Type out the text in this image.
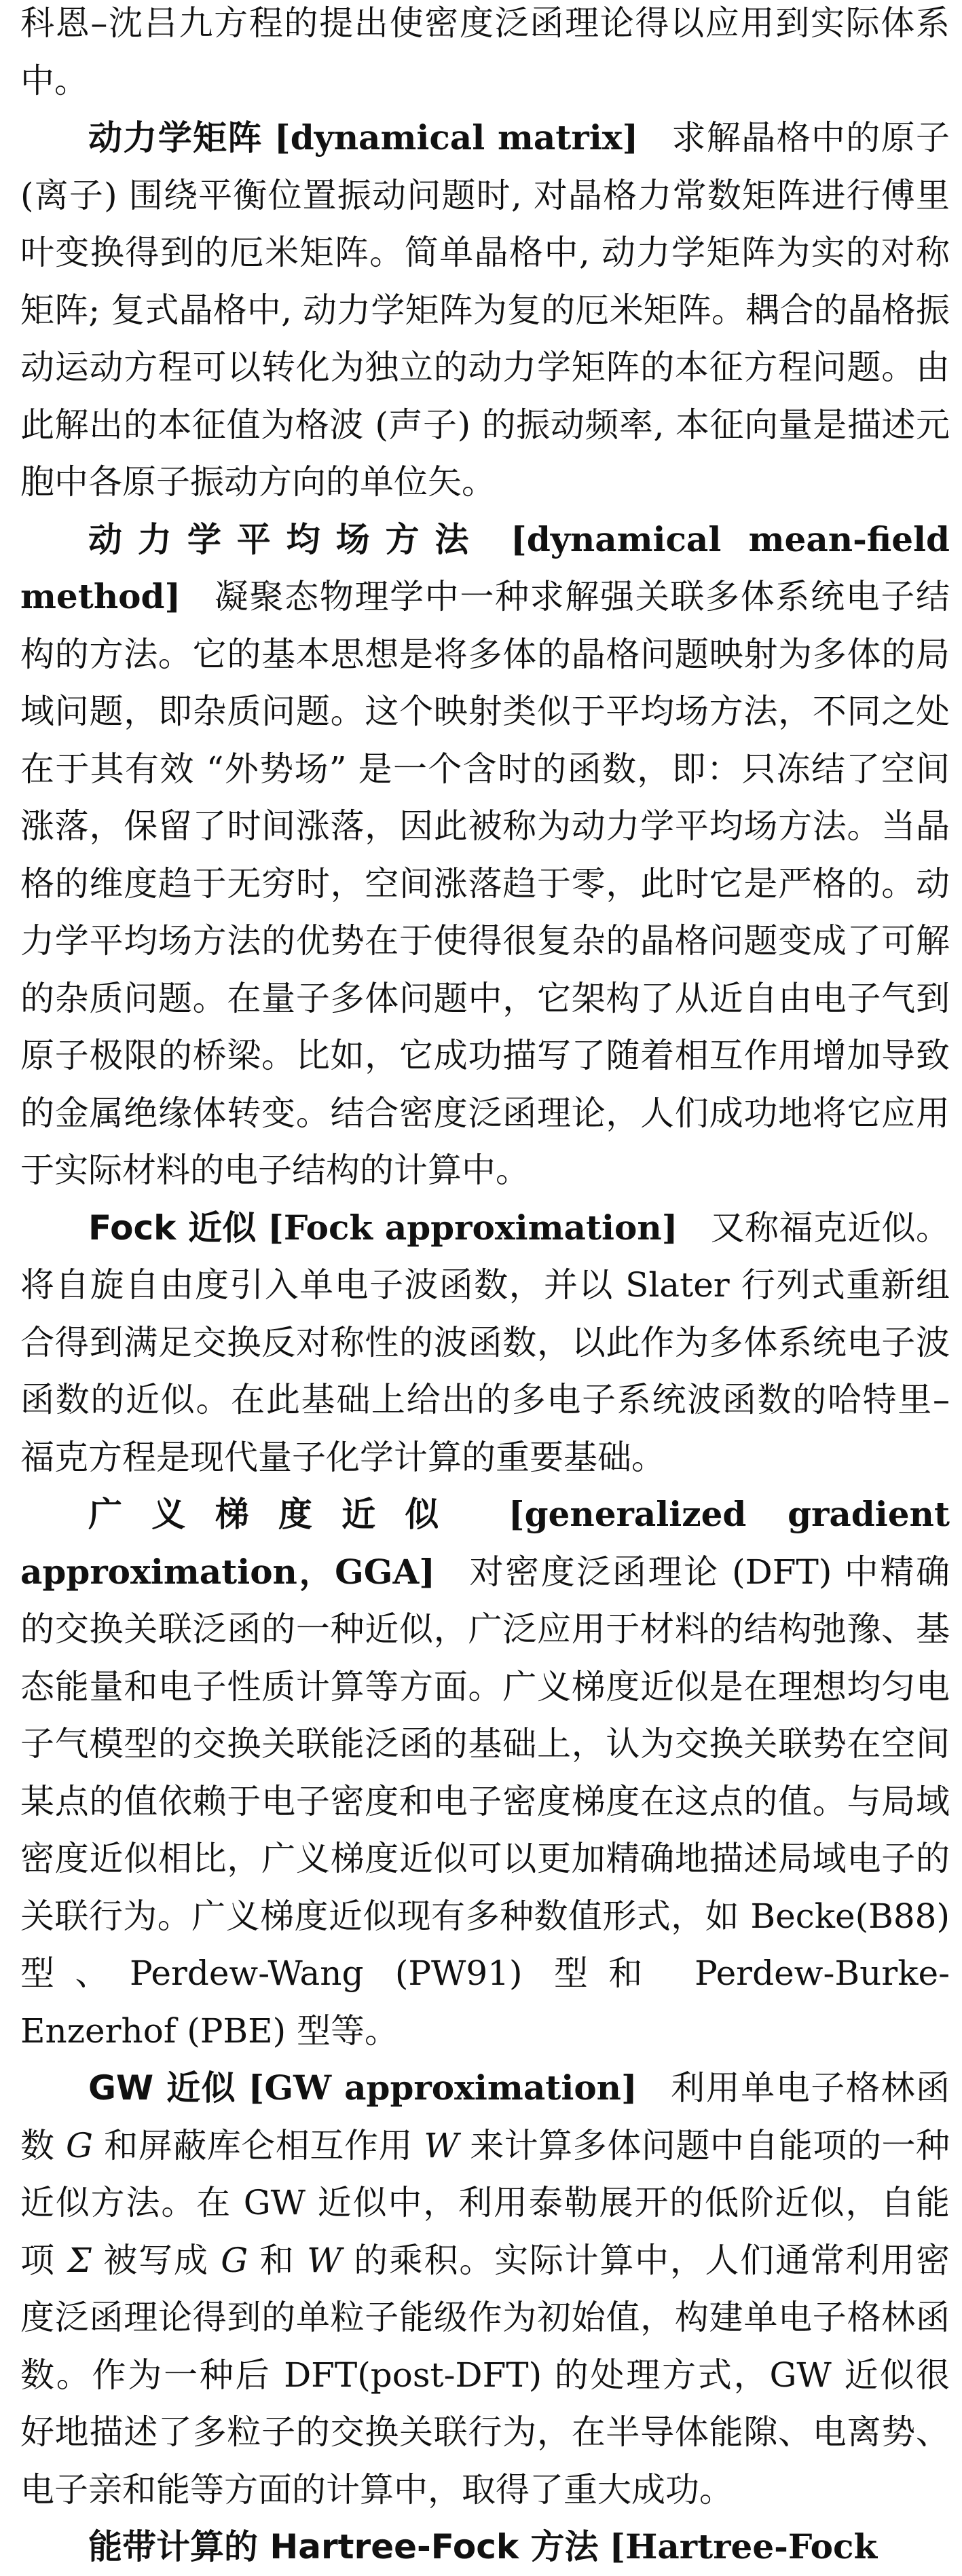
科恩–沈吕九方程的提出使密度泛函理论得以应用到实际体系中。

动力学矩阵 [dynamical matrix] 求解晶格中的原子 (离子) 围绕平衡位置振动问题时, 对晶格力常数矩阵进行傅里叶变换得到的厄米矩阵。简单晶格中, 动力学矩阵为实的对称矩阵; 复式晶格中, 动力学矩阵为复的厄米矩阵。耦合的晶格振动运动方程可以转化为独立的动力学矩阵的本征方程问题。由此解出的本征值为格波 (声子) 的振动频率, 本征向量是描述元胞中各原子振动方向的单位矢。

动力学平均场方法 [dynamical mean-field method] 凝聚态物理学中一种求解强关联多体系统电子结构的方法。它的基本思想是将多体的晶格问题映射为多体的局域问题，即杂质问题。这个映射类似于平均场方法，不同之处在于其有效 “外势场” 是一个含时的函数，即：只冻结了空间涨落，保留了时间涨落，因此被称为动力学平均场方法。当晶格的维度趋于无穷时，空间涨落趋于零，此时它是严格的。动力学平均场方法的优势在于使得很复杂的晶格问题变成了可解的杂质问题。在量子多体问题中，它架构了从近自由电子气到原子极限的桥梁。比如，它成功描写了随着相互作用增加导致的金属绝缘体转变。结合密度泛函理论，人们成功地将它应用于实际材料的电子结构的计算中。

Fock 近似 [Fock approximation] 又称福克近似。将自旋自由度引入单电子波函数，并以 Slater 行列式重新组合得到满足交换反对称性的波函数，以此作为多体系统电子波函数的近似。在此基础上给出的多电子系统波函数的哈特里–福克方程是现代量子化学计算的重要基础。

广义梯度近似 [generalized gradient approximation，GGA] 对密度泛函理论 (DFT) 中精确的交换关联泛函的一种近似，广泛应用于材料的结构弛豫、基态能量和电子性质计算等方面。广义梯度近似是在理想均匀电子气模型的交换关联能泛函的基础上，认为交换关联势在空间某点的值依赖于电子密度和电子密度梯度在这点的值。与局域密度近似相比，广义梯度近似可以更加精确地描述局域电子的关联行为。广义梯度近似现有多种数值形式，如 Becke(B88) 型、Perdew-Wang (PW91) 型和 Perdew-Burke-Enzerhof (PBE) 型等。

GW 近似 [GW approximation] 利用单电子格林函数 G 和屏蔽库仑相互作用 W 来计算多体问题中自能项的一种近似方法。在 GW 近似中，利用泰勒展开的低阶近似，自能项 Σ 被写成 G 和 W 的乘积。实际计算中，人们通常利用密度泛函理论得到的单粒子能级作为初始值，构建单电子格林函数。作为一种后 DFT(post-DFT) 的处理方式，GW 近似很好地描述了多粒子的交换关联行为，在半导体能隙、电离势、电子亲和能等方面的计算中，取得了重大成功。

能带计算的 Hartree-Fock 方法 [Hartree-Fock
